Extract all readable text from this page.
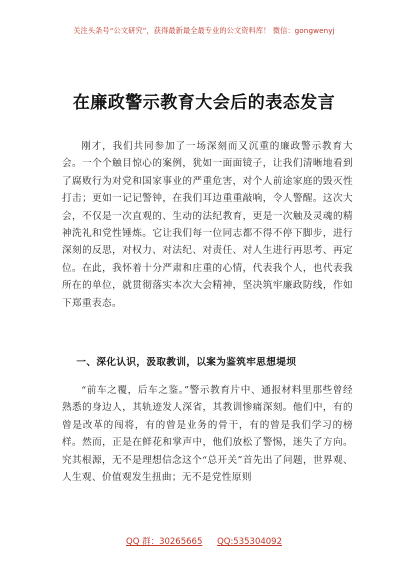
关注头条号“公文研究”，获得最新最全最专业的公文资料库！ 微信：gongwenyj
在廉政警示教育大会后的表态发言
刚才，我们共同参加了一场深刻而又沉重的廉政警示教育大会。一个个触目惊心的案例，犹如一面面镜子，让我们清晰地看到了腐败行为对党和国家事业的严重危害，对个人前途家庭的毁灭性打击；更如一记记警钟，在我们耳边重重敲响，令人警醒。这次大会，不仅是一次直观的、生动的法纪教育，更是一次触及灵魂的精神洗礼和党性锤炼。它让我们每一位同志都不得不停下脚步，进行深刻的反思，对权力、对法纪、对责任、对人生进行再思考、再定位。在此，我怀着十分严肃和庄重的心情，代表我个人，也代表我所在的单位，就贯彻落实本次大会精神，坚决筑牢廉政防线，作如下郑重表态。
一、深化认识，汲取教训，以案为鉴筑牢思想堤坝
“前车之覆，后车之鉴。”警示教育片中、通报材料里那些曾经熟悉的身边人，其轨迹发人深省，其教训惨痛深刻。他们中，有的曾是改革的闯将，有的曾是业务的骨干，有的曾是我们学习的榜样。然而，正是在鲜花和掌声中，他们放松了警惕，迷失了方向。究其根源，无不是理想信念这个“总开关”首先出了问题，世界观、人生观、价值观发生扭曲；无不是党性原则
QQ 群：30265665 QQ:535304092
